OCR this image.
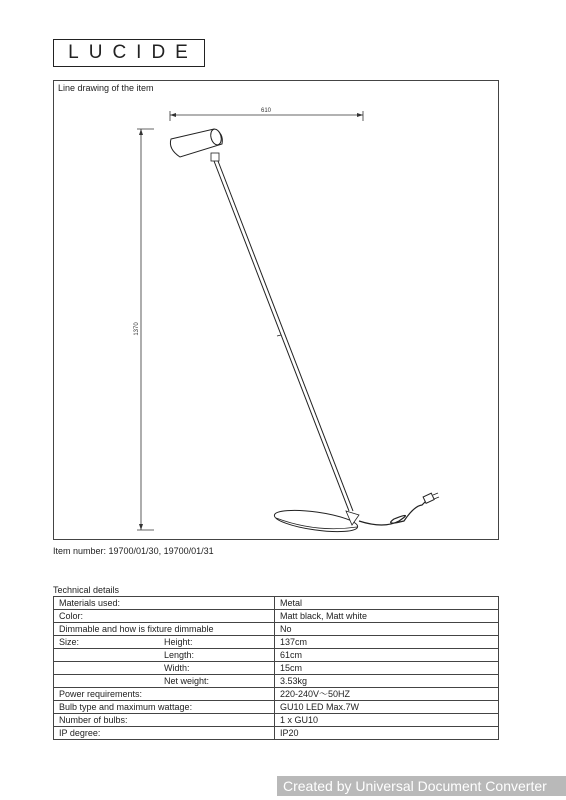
LUCIDE
Line drawing of the item
610
1370
Item number: 19700/01/30, 19700/01/31
Technical details
Materials used:	Metal

Color:	Matt black, Matt white

Dimmable and how is fixture dimmable	No

Size: Height:	137cm

Length:	61cm

Width:	15cm

Net weight:	3.53kg

Power requirements:	220-240V～50HZ

Bulb type and maximum wattage:	GU10 LED Max.7W

Number of bulbs:	1 x GU10

IP degree:	IP20
Created by Universal Document Converter
